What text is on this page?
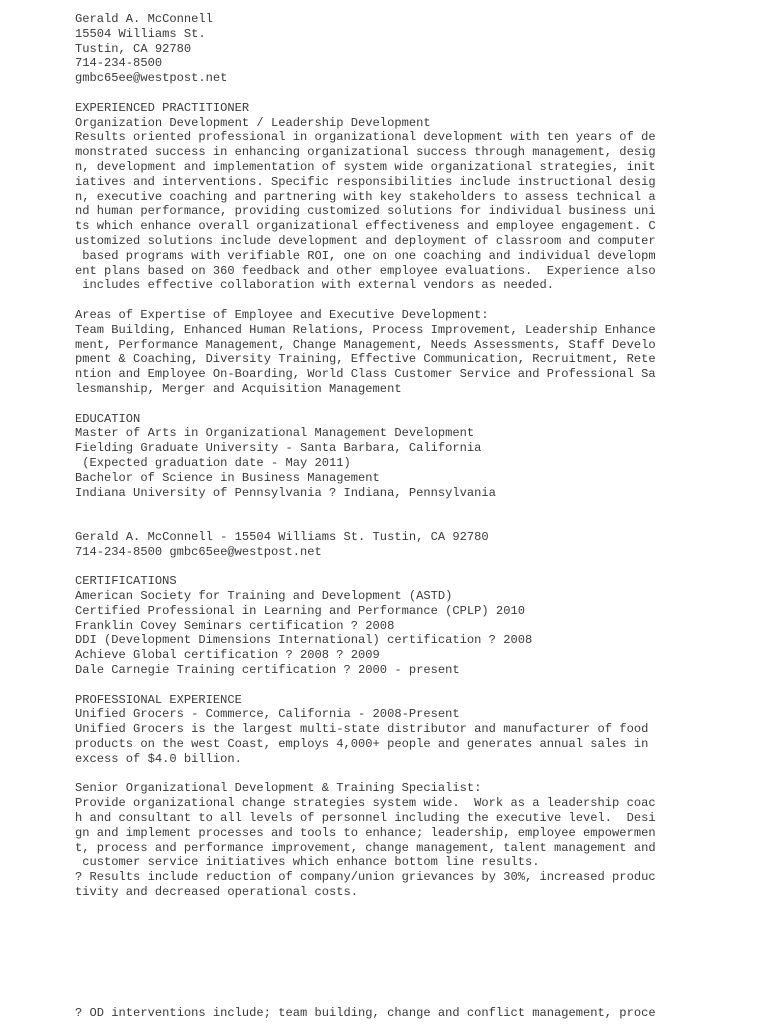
Gerald A. McConnell
15504 Williams St.
Tustin, CA 92780
714-234-8500
gmbc65ee@westpost.net
EXPERIENCED PRACTITIONER
Organization Development / Leadership Development
Results oriented professional in organizational development with ten years of de
monstrated success in enhancing organizational success through management, desig
n, development and implementation of system wide organizational strategies, init
iatives and interventions. Specific responsibilities include instructional desig
n, executive coaching and partnering with key stakeholders to assess technical a
nd human performance, providing customized solutions for individual business uni
ts which enhance overall organizational effectiveness and employee engagement. C
ustomized solutions include development and deployment of classroom and computer
based programs with verifiable ROI, one on one coaching and individual developm
ent plans based on 360 feedback and other employee evaluations.  Experience also
includes effective collaboration with external vendors as needed.
Areas of Expertise of Employee and Executive Development:
Team Building, Enhanced Human Relations, Process Improvement, Leadership Enhance
ment, Performance Management, Change Management, Needs Assessments, Staff Develo
pment & Coaching, Diversity Training, Effective Communication, Recruitment, Rete
ntion and Employee On-Boarding, World Class Customer Service and Professional Sa
lesmanship, Merger and Acquisition Management
EDUCATION
Master of Arts in Organizational Management Development
Fielding Graduate University - Santa Barbara, California
(Expected graduation date - May 2011)
Bachelor of Science in Business Management
Indiana University of Pennsylvania ? Indiana, Pennsylvania
Gerald A. McConnell - 15504 Williams St. Tustin, CA 92780
714-234-8500 gmbc65ee@westpost.net
CERTIFICATIONS
American Society for Training and Development (ASTD)
Certified Professional in Learning and Performance (CPLP) 2010
Franklin Covey Seminars certification ? 2008
DDI (Development Dimensions International) certification ? 2008
Achieve Global certification ? 2008 ? 2009
Dale Carnegie Training certification ? 2000 - present
PROFESSIONAL EXPERIENCE
Unified Grocers - Commerce, California - 2008-Present
Unified Grocers is the largest multi-state distributor and manufacturer of food
products on the west Coast, employs 4,000+ people and generates annual sales in
excess of $4.0 billion.
Senior Organizational Development & Training Specialist:
Provide organizational change strategies system wide.  Work as a leadership coac
h and consultant to all levels of personnel including the executive level.  Desi
gn and implement processes and tools to enhance; leadership, employee empowermen
t, process and performance improvement, change management, talent management and
customer service initiatives which enhance bottom line results.
? Results include reduction of company/union grievances by 30%, increased produc
tivity and decreased operational costs.
? OD interventions include; team building, change and conflict management, proce
